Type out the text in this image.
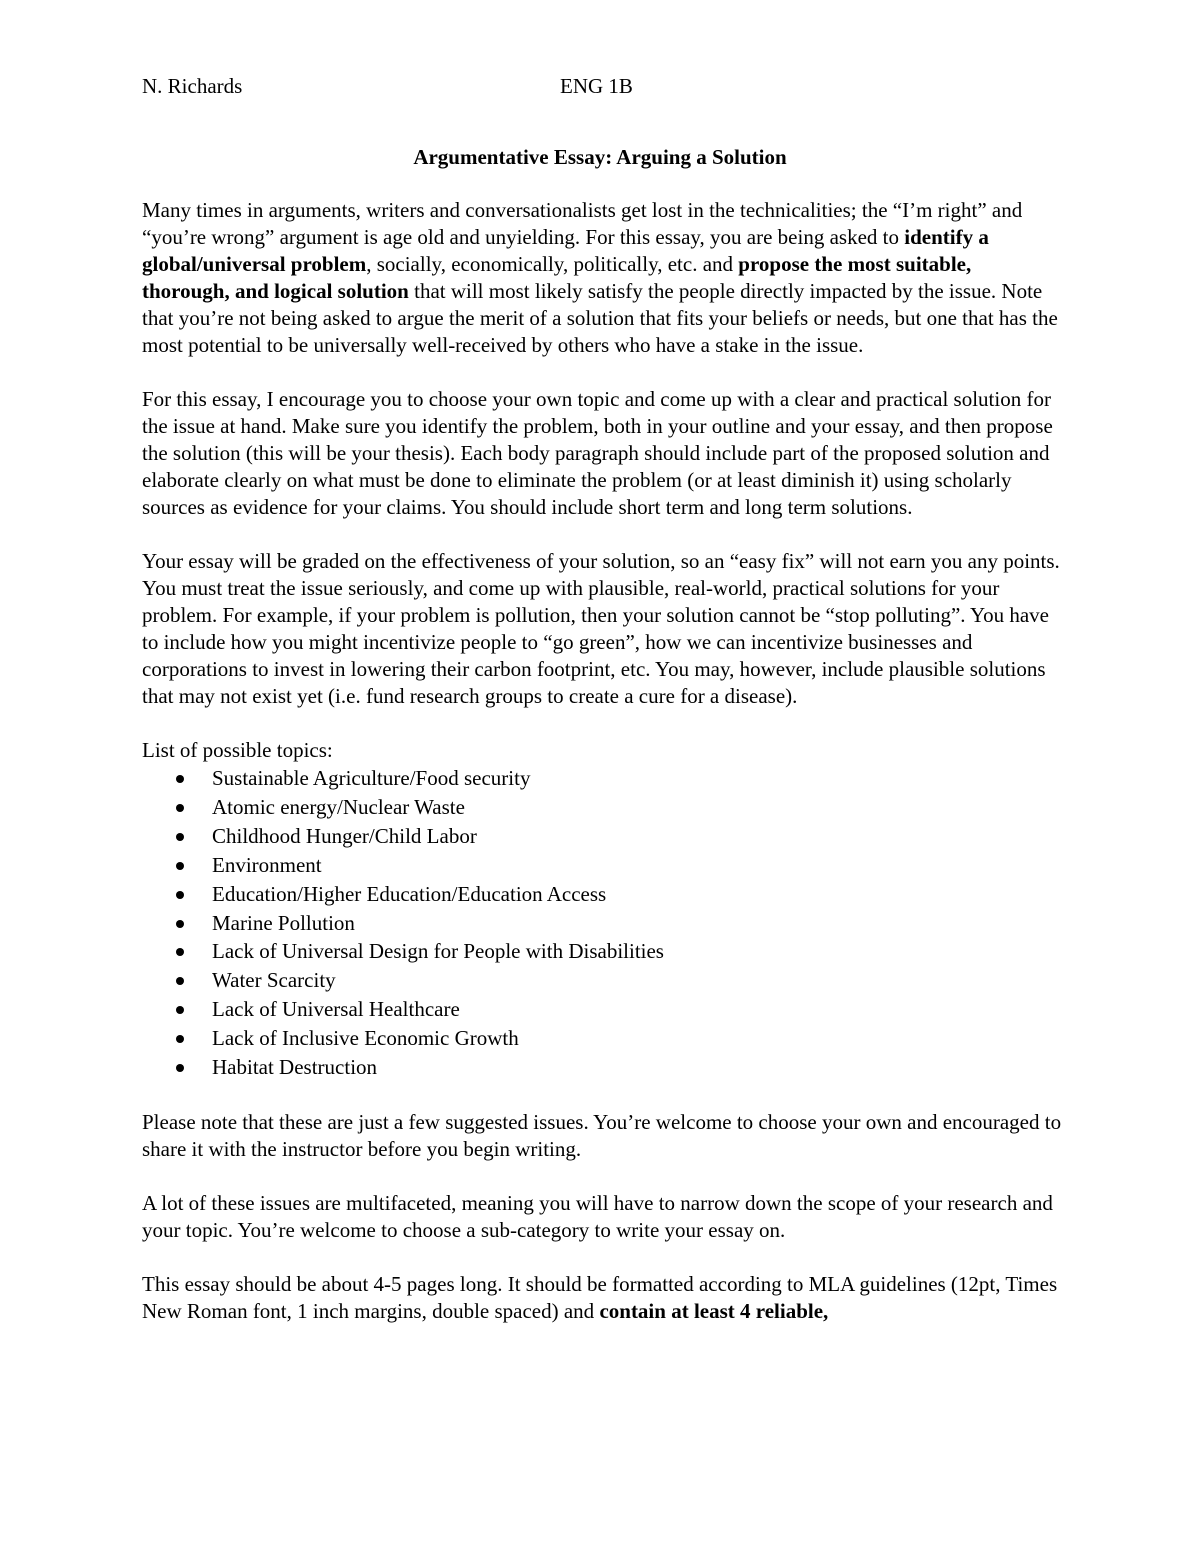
N. Richards	ENG 1B
Argumentative Essay: Arguing a Solution

Many times in arguments, writers and conversationalists get lost in the technicalities; the “I’m right” and “you’re wrong” argument is age old and unyielding. For this essay, you are being asked to identify a global/universal problem, socially, economically, politically, etc. and propose the most suitable, thorough, and logical solution that will most likely satisfy the people directly impacted by the issue. Note that you’re not being asked to argue the merit of a solution that fits your beliefs or needs, but one that has the most potential to be universally well-received by others who have a stake in the issue.

For this essay, I encourage you to choose your own topic and come up with a clear and practical solution for the issue at hand. Make sure you identify the problem, both in your outline and your essay, and then propose the solution (this will be your thesis). Each body paragraph should include part of the proposed solution and elaborate clearly on what must be done to eliminate the problem (or at least diminish it) using scholarly sources as evidence for your claims. You should include short term and long term solutions.

Your essay will be graded on the effectiveness of your solution, so an “easy fix” will not earn you any points. You must treat the issue seriously, and come up with plausible, real-world, practical solutions for your problem. For example, if your problem is pollution, then your solution cannot be “stop polluting”. You have to include how you might incentivize people to “go green”, how we can incentivize businesses and corporations to invest in lowering their carbon footprint, etc. You may, however, include plausible solutions that may not exist yet (i.e. fund research groups to create a cure for a disease).

List of possible topics:

Sustainable Agriculture/Food security
Atomic energy/Nuclear Waste
Childhood Hunger/Child Labor
Environment
Education/Higher Education/Education Access
Marine Pollution
Lack of Universal Design for People with Disabilities
Water Scarcity
Lack of Universal Healthcare
Lack of Inclusive Economic Growth
Habitat Destruction

Please note that these are just a few suggested issues. You’re welcome to choose your own and encouraged to share it with the instructor before you begin writing.

A lot of these issues are multifaceted, meaning you will have to narrow down the scope of your research and your topic. You’re welcome to choose a sub-category to write your essay on.

This essay should be about 4-5 pages long. It should be formatted according to MLA guidelines (12pt, Times New Roman font, 1 inch margins, double spaced) and contain at least 4 reliable,
